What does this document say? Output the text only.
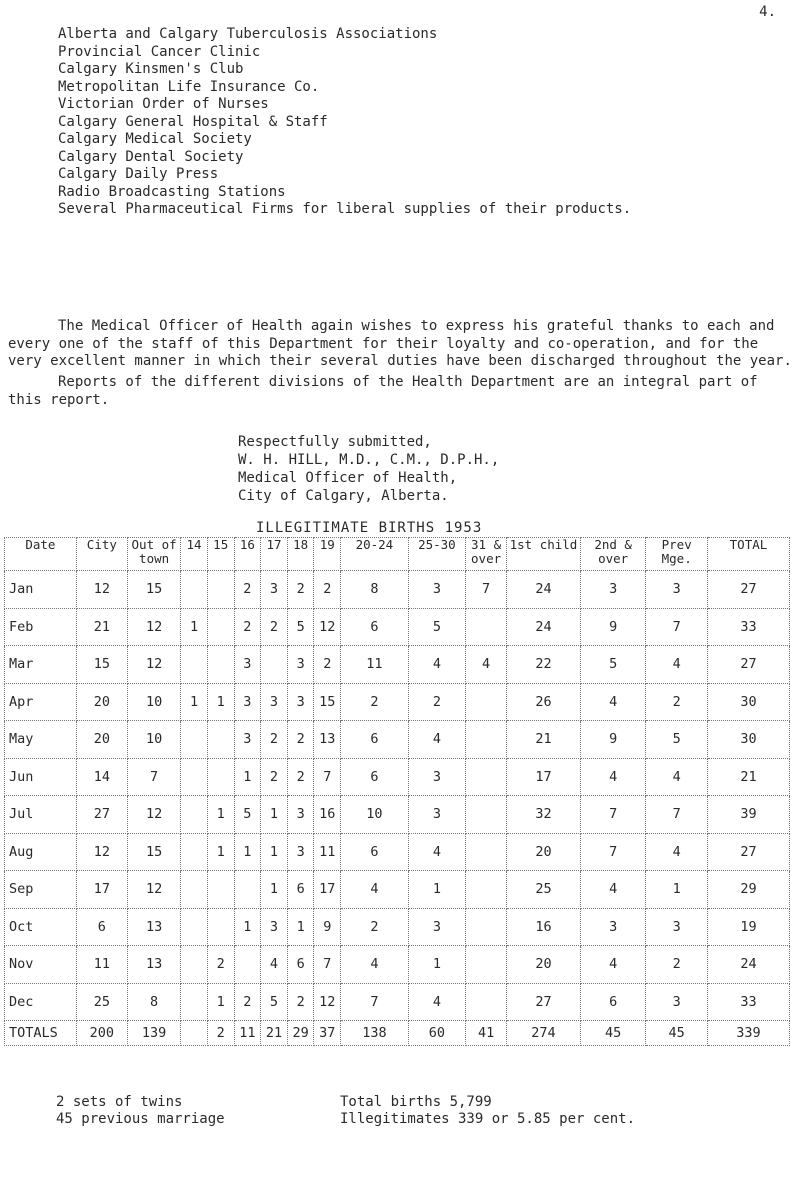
4.
Alberta and Calgary Tuberculosis Associations
Provincial Cancer Clinic
Calgary Kinsmen's Club
Metropolitan Life Insurance Co.
Victorian Order of Nurses
Calgary General Hospital & Staff
Calgary Medical Society
Calgary Dental Society
Calgary Daily Press
Radio Broadcasting Stations
Several Pharmaceutical Firms for liberal supplies of their products.
The Medical Officer of Health again wishes to express his grateful thanks to each and every one of the staff of this Department for their loyalty and co-operation, and for the very excellent manner in which their several duties have been discharged throughout the year.
Reports of the different divisions of the Health Department are an integral part of this report.
Respectfully submitted,
W. H. HILL, M.D., C.M., D.P.H.,
Medical Officer of Health,
City of Calgary, Alberta.
ILLEGITIMATE BIRTHS 1953
Date	City	Out of town	14	15	16	17	18	19	20-24	25-30	31 & over	1st child	2nd & over	Prev Mge.	TOTAL
Jan	12	15			2	3	2	2	8	3	7	24	3	3	27
Feb	21	12	1		2	2	5	12	6	5		24	9	7	33
Mar	15	12			3		3	2	11	4	4	22	5	4	27
Apr	20	10	1	1	3	3	3	15	2	2		26	4	2	30
May	20	10			3	2	2	13	6	4		21	9	5	30
Jun	14	7			1	2	2	7	6	3		17	4	4	21
Jul	27	12		1	5	1	3	16	10	3		32	7	7	39
Aug	12	15		1	1	1	3	11	6	4		20	7	4	27
Sep	17	12				1	6	17	4	1		25	4	1	29
Oct	6	13			1	3	1	9	2	3		16	3	3	19
Nov	11	13		2		4	6	7	4	1		20	4	2	24
Dec	25	8		1	2	5	2	12	7	4		27	6	3	33
TOTALS	200	139		2	11	21	29	37	138	60	41	274	45	45	339
2 sets of twins
45 previous marriage
Total births 5,799
Illegitimates 339 or 5.85 per cent.
